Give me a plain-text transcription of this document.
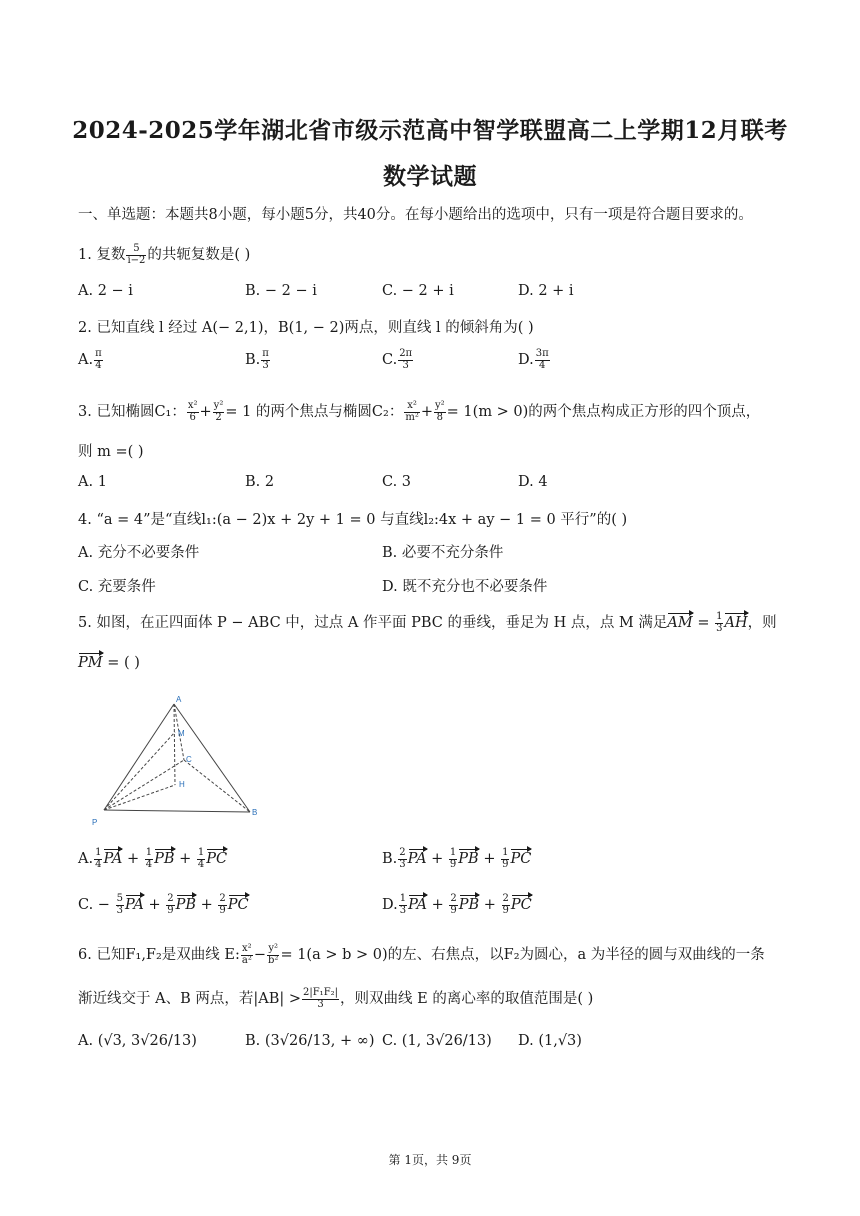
2024-2025学年湖北省市级示范高中智学联盟高二上学期12月联考
数学试题
一、单选题：本题共8小题，每小题5分，共40分。在每小题给出的选项中，只有一项是符合题目要求的。
1. 复数 $\frac{5}{i-2}$ 的共轭复数是( )
A. 2 − i	B. − 2 − i	C. − 2 + i	D. 2 + i
2. 已知直线 l 经过 A(− 2,1)，B(1, − 2)两点，则直线 l 的倾斜角为( )
A. $\frac{\pi}{4}$	B. $\frac{\pi}{3}$	C. $\frac{2\pi}{3}$	D. $\frac{3\pi}{4}$
3. 已知椭圆C₁： $\frac{\text{x²}}{6} + \frac{\text{y²}}{2} = 1$ 的两个焦点与椭圆C₂： $\frac{\text{x²}}{\text{m²}} + \frac{\text{y²}}{8} = 1(m > 0)$的两个焦点构成正方形的四个顶点，
则 m =( )
A. 1	B. 2	C. 3	D. 4
4. “a = 4”是“直线l₁:(a − 2)x + 2y + 1 = 0 与直线l₂:4x + ay − 1 = 0 平行”的( )
A. 充分不必要条件	B. 必要不充分条件
C. 充要条件	D. 既不充分也不必要条件
5. 如图，在正四面体 P − ABC 中，过点 A 作平面 PBC 的垂线，垂足为 H 点，点 M 满足AM = $\frac{1}{3}$ AH，则
PM = ( )
A
M
C
H
P
B
A. $\frac{1}{4}$ PA + $\frac{1}{4}$ PB + $\frac{1}{4}$ PC	B. $\frac{2}{3}$ PA + $\frac{1}{9}$ PB + $\frac{1}{9}$ PC
C. − $\frac{5}{3}$ PA + $\frac{2}{9}$ PB + $\frac{2}{9}$ PC	D. $\frac{1}{3}$ PA + $\frac{2}{9}$ PB + $\frac{2}{9}$ PC
6. 已知F₁,F₂是双曲线 E: $\frac{\text{x²}}{\text{a²}} - \frac{\text{y²}}{\text{b²}} = 1(a > b > 0)$的左、右焦点，以F₂为圆心，a 为半径的圆与双曲线的一条
渐近线交于 A、B 两点，若$|AB| > \frac{\text{2|F₁F₂|}}{3}$ ，则双曲线 E 的离心率的取值范围是( )
A. (√3, 3√26/13)	B. (3√26/13, + ∞) C. (1, 3√26/13) D. (1,√3)
第 1页，共 9页
